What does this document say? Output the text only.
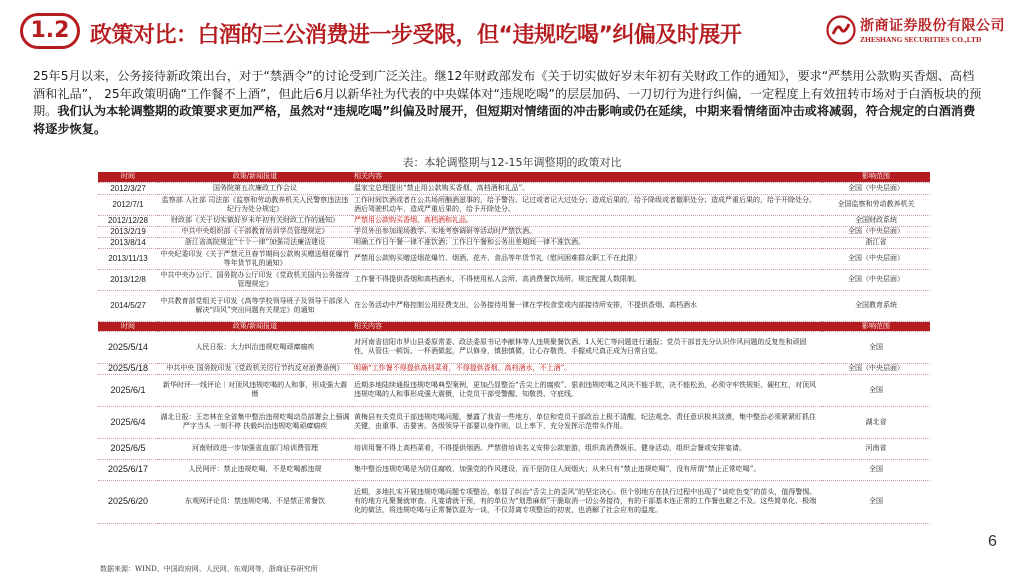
1.2 政策对比：白酒的三公消费进一步受限，但“违规吃喝”纠偏及时展开	浙商证券股份有限公司
ZHESHANG SECURITIES CO.,LTD
25年5月以来，公务接待新政策出台，对于“禁酒令”的讨论受到广泛关注。继12年财政部发布《关于切实做好岁末年初有关财政工作的通知》，要求“严禁用公款购买香烟、高档酒和礼品”， 25年政策明确“工作餐不上酒”，但此后6月以新华社为代表的中央媒体对“违规吃喝”的层层加码、一刀切行为进行纠偏，一定程度上有效扭转市场对于白酒板块的预期。我们认为本轮调整期的政策要求更加严格，虽然对“违规吃喝”纠偏及时展开，但短期对情绪面的冲击影响或仍在延续，中期来看情绪面冲击或将减弱，符合规定的白酒消费将逐步恢复。
表：本轮调整期与12-15年调整期的政策对比
时间	政策/新闻报道	相关内容	影响范围
2012/3/27	国务院第五次廉政工作会议	温家宝总理提出“禁止用公款购买香烟、高档酒和礼品”。	全国（中央层面）
2012/7/1	监察部 人社部 司法部《监察和劳动教养机关人民警察违法违纪行为处分规定》	工作时间饮酒或者在公共场所酗酒滋事的，给予警告、记过或者记大过处分；造成后果的，给予降级或者撤职处分；造成严重后果的，给予开除处分。酒后驾驶机动车，造成严重后果的，给予开除处分。	全国监察和劳动教养机关
2012/12/28	财政部《关于切实做好岁末年初有关财政工作的通知》	严禁用公款购买香烟、高档酒和礼品。	全国财政系统
2013/2/19	中共中央组织部《干部教育培训学员管理规定》	学员外出参加现场教学、实地考察调研等活动时严禁饮酒。	全国（中央层面）
2013/8/14	浙江省高院规定“十个一律”加强司法廉洁建设	明确工作日午餐一律不准饮酒；工作日午餐和公务出差期间一律不准饮酒。	浙江省
2013/11/13	中央纪委印发《关于严禁元旦春节期间公款购买赠送烟花爆竹等年货节礼的通知》	严禁用公款购买赠送烟花爆竹、烟酒、花卉、食品等年货节礼（慰问困难群众职工不在此限）	全国（中央层面）
2013/12/8	中共中央办公厅、国务院办公厅印发《党政机关国内公务接待管理规定》	工作餐不得提供香烟和高档酒水，不得使用私人会所、高消费餐饮场所。规定配置人数限制。	全国（中央层面）
2014/5/27	中共教育部党组关于印发《高等学校领导班子及领导干部深入解决“四风”突出问题有关规定》的通知	在公务活动中严格控制公用经费支出，公务接待用餐一律在学校食堂或内部接待所安排，不提供香烟、高档酒水	全国教育系统
时间	政策/新闻报道	相关内容	影响范围
2025/5/14	人民日报：大力纠治违规吃喝顽瘴痼疾	对河南省信阳市罗山县委原常委、政法委原书记李献林等人违规聚餐饮酒、1人死亡等问题进行通报；党员干部首先分认识作风问题的反复性和顽固性，从管住一顿饭、一杯酒做起，严以修身，慎独慎微，让心存敬畏、手握戒尺真正成为日常自觉。	全国
2025/5/18	中共中央 国务院印发《党政机关厉行节约反对浪费条例》	明确“工作餐不得提供高档菜肴，不得提供香烟、高档酒水，不上酒”。	全国（中央层面）
2025/6/1	新华时评·一线评论｜对顶风违规吃喝的人和事，形成强大震慑	近期多地陆续通报违规吃喝典型案例，更加凸显整治“舌尖上的腐败”、狠刹违规吃喝之风决不能手软，决不能松劲，必须守牢铁规矩、硬杠杠，对顶风违规吃喝的人和事形成强大震慑，让党员干部受警醒、知敬畏、守底线。	全国
2025/6/4	湖北日报：王忠林在全省集中整治违规吃喝动员部署会上强调 严字当头 一刻不停 扶毅纠治违规吃喝顽瘴痼疾	黄梅县有关党员干部违规吃喝问题，暴露了我省一些地方、单位和党员干部政治上极不清醒，纪法观念、责任意识极其淡漠，集中整治必须紧紧盯抓住关键，由重事、击要害。各级领导干部要以身作则，以上率下，充分发挥示范带头作用。	湖北省
2025/6/5	河南财政进一步加强省直部门培训费管理	培训用餐不得上高档菜肴，不得提供烟酒。严禁借培训名义安排公款旅游，组织高消费娱乐、健身活动，组织会餐或安排宴请。	河南省
2025/6/17	人民网评：禁止违规吃喝，不是吃喝都违规	集中整治违规吃喝是为防住腐败，加强党的作风建设，而不是防住人间烟火；从来只有“禁止违规吃喝”，没有所谓“禁止正常吃喝”。	全国
2025/6/20	东观网评论员：禁违规吃喝，不是禁正常餐饮	近期，多地扎实开展违规吃喝问题专项整治，彰显了纠治“舌尖上的歪风”的坚定决心。但个别地方在执行过程中出现了“谈吃色变”的苗头，值得警惕。有的地方凡聚餐就审查、凡宴请就干预，有的单位为“划患麻烦”干脆取消一切公务接待，有的干部基本连正常的工作餐也避之不及。这些简单化、极端化的做法，将违规吃喝与正常餐饮混为一谈，不仅背离专项整治的初衷，也消解了社会应有的温度。	全国
数据来源：WIND、中国政府网、人民网、东观网等，浙商证券研究所
6
